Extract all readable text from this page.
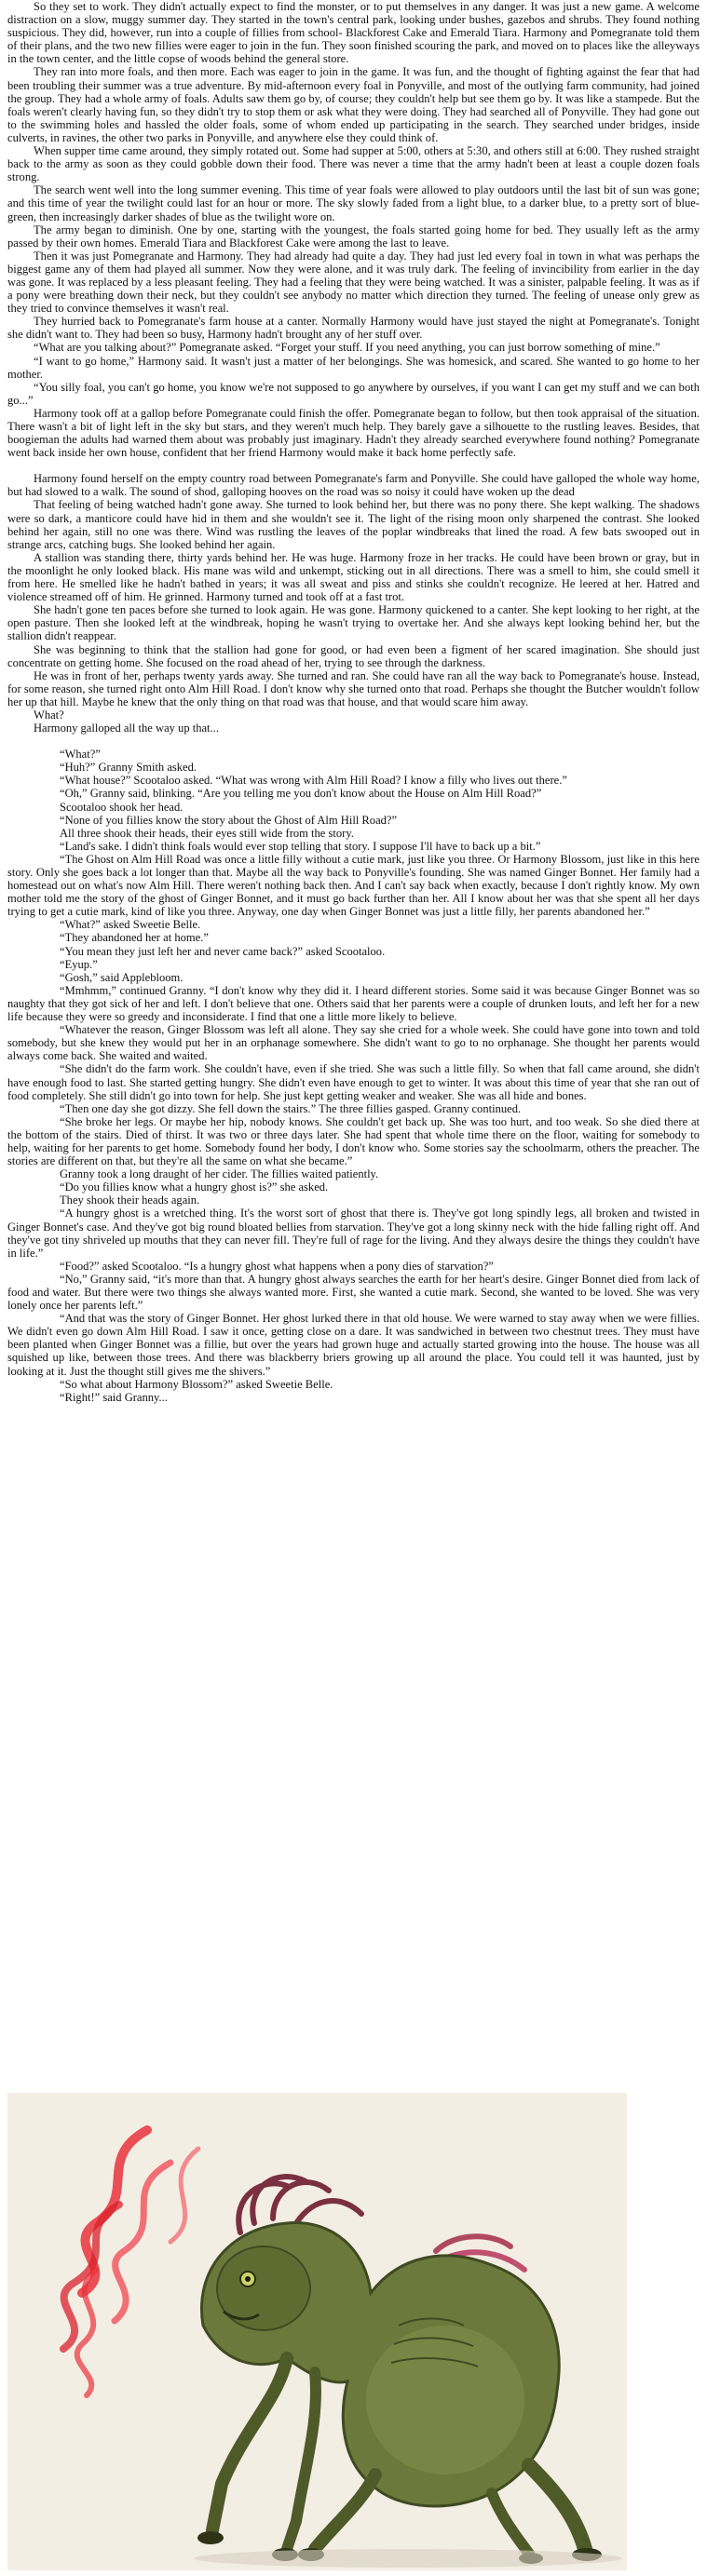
So they set to work. They didn't actually expect to find the monster, or to put themselves in any danger. It was just a new game. A welcome distraction on a slow, muggy summer day. They started in the town's central park, looking under bushes, gazebos and shrubs. They found nothing suspicious. They did, however, run into a couple of fillies from school- Blackforest Cake and Emerald Tiara. Harmony and Pomegranate told them of their plans, and the two new fillies were eager to join in the fun. They soon finished scouring the park, and moved on to places like the alleyways in the town center, and the little copse of woods behind the general store.

They ran into more foals, and then more. Each was eager to join in the game. It was fun, and the thought of fighting against the fear that had been troubling their summer was a true adventure. By mid-afternoon every foal in Ponyville, and most of the outlying farm community, had joined the group. They had a whole army of foals. Adults saw them go by, of course; they couldn't help but see them go by. It was like a stampede. But the foals weren't clearly having fun, so they didn't try to stop them or ask what they were doing. They had searched all of Ponyville. They had gone out to the swimming holes and hassled the older foals, some of whom ended up participating in the search. They searched under bridges, inside culverts, in ravines, the other two parks in Ponyville, and anywhere else they could think of.

When supper time came around, they simply rotated out. Some had supper at 5:00, others at 5:30, and others still at 6:00. They rushed straight back to the army as soon as they could gobble down their food. There was never a time that the army hadn't been at least a couple dozen foals strong.

The search went well into the long summer evening. This time of year foals were allowed to play outdoors until the last bit of sun was gone; and this time of year the twilight could last for an hour or more. The sky slowly faded from a light blue, to a darker blue, to a pretty sort of blue-green, then increasingly darker shades of blue as the twilight wore on.

The army began to diminish. One by one, starting with the youngest, the foals started going home for bed. They usually left as the army passed by their own homes. Emerald Tiara and Blackforest Cake were among the last to leave.

Then it was just Pomegranate and Harmony. They had already had quite a day. They had just led every foal in town in what was perhaps the biggest game any of them had played all summer. Now they were alone, and it was truly dark. The feeling of invincibility from earlier in the day was gone. It was replaced by a less pleasant feeling. They had a feeling that they were being watched. It was a sinister, palpable feeling. It was as if a pony were breathing down their neck, but they couldn't see anybody no matter which direction they turned. The feeling of unease only grew as they tried to convince themselves it wasn't real.

They hurried back to Pomegranate's farm house at a canter. Normally Harmony would have just stayed the night at Pomegranate's. Tonight she didn't want to. They had been so busy, Harmony hadn't brought any of her stuff over.

“What are you talking about?” Pomegranate asked. “Forget your stuff. If you need anything, you can just borrow something of mine.”

“I want to go home,” Harmony said. It wasn't just a matter of her belongings. She was homesick, and scared. She wanted to go home to her mother.

“You silly foal, you can't go home, you know we're not supposed to go anywhere by ourselves, if you want I can get my stuff and we can both go...”

Harmony took off at a gallop before Pomegranate could finish the offer. Pomegranate began to follow, but then took appraisal of the situation. There wasn't a bit of light left in the sky but stars, and they weren't much help. They barely gave a silhouette to the rustling leaves. Besides, that boogieman the adults had warned them about was probably just imaginary. Hadn't they already searched everywhere found nothing? Pomegranate went back inside her own house, confident that her friend Harmony would make it back home perfectly safe.

Harmony found herself on the empty country road between Pomegranate's farm and Ponyville. She could have galloped the whole way home, but had slowed to a walk. The sound of shod, galloping hooves on the road was so noisy it could have woken up the dead

That feeling of being watched hadn't gone away. She turned to look behind her, but there was no pony there. She kept walking. The shadows were so dark, a manticore could have hid in them and she wouldn't see it. The light of the rising moon only sharpened the contrast. She looked behind her again, still no one was there. Wind was rustling the leaves of the poplar windbreaks that lined the road. A few bats swooped out in strange arcs, catching bugs. She looked behind her again.

A stallion was standing there, thirty yards behind her. He was huge. Harmony froze in her tracks. He could have been brown or gray, but in the moonlight he only looked black. His mane was wild and unkempt, sticking out in all directions. There was a smell to him, she could smell it from here. He smelled like he hadn't bathed in years; it was all sweat and piss and stinks she couldn't recognize. He leered at her. Hatred and violence streamed off of him. He grinned. Harmony turned and took off at a fast trot.

She hadn't gone ten paces before she turned to look again. He was gone. Harmony quickened to a canter. She kept looking to her right, at the open pasture. Then she looked left at the windbreak, hoping he wasn't trying to overtake her. And she always kept looking behind her, but the stallion didn't reappear.

She was beginning to think that the stallion had gone for good, or had even been a figment of her scared imagination. She should just concentrate on getting home. She focused on the road ahead of her, trying to see through the darkness.

He was in front of her, perhaps twenty yards away. She turned and ran. She could have ran all the way back to Pomegranate's house. Instead, for some reason, she turned right onto Alm Hill Road. I don't know why she turned onto that road. Perhaps she thought the Butcher wouldn't follow her up that hill. Maybe he knew that the only thing on that road was that house, and that would scare him away.

What?

Harmony galloped all the way up that...

“What?”

“Huh?” Granny Smith asked.

“What house?” Scootaloo asked. “What was wrong with Alm Hill Road? I know a filly who lives out there.”

“Oh,” Granny said, blinking. “Are you telling me you don't know about the House on Alm Hill Road?”

Scootaloo shook her head.

“None of you fillies know the story about the Ghost of Alm Hill Road?”

All three shook their heads, their eyes still wide from the story.

“Land's sake. I didn't think foals would ever stop telling that story. I suppose I'll have to back up a bit.”

“The Ghost on Alm Hill Road was once a little filly without a cutie mark, just like you three. Or Harmony Blossom, just like in this here story. Only she goes back a lot longer than that. Maybe all the way back to Ponyville's founding. She was named Ginger Bonnet. Her family had a homestead out on what's now Alm Hill. There weren't nothing back then. And I can't say back when exactly, because I don't rightly know. My own mother told me the story of the ghost of Ginger Bonnet, and it must go back further than her. All I know about her was that she spent all her days trying to get a cutie mark, kind of like you three. Anyway, one day when Ginger Bonnet was just a little filly, her parents abandoned her.”

“What?” asked Sweetie Belle.

“They abandoned her at home.”

“You mean they just left her and never came back?” asked Scootaloo.

“Eyup.”

“Gosh,” said Applebloom.

“Mmhmm,” continued Granny. “I don't know why they did it. I heard different stories. Some said it was because Ginger Bonnet was so naughty that they got sick of her and left. I don't believe that one. Others said that her parents were a couple of drunken louts, and left her for a new life because they were so greedy and inconsiderate. I find that one a little more likely to believe.

“Whatever the reason, Ginger Blossom was left all alone. They say she cried for a whole week. She could have gone into town and told somebody, but she knew they would put her in an orphanage somewhere. She didn't want to go to no orphanage. She thought her parents would always come back. She waited and waited.

“She didn't do the farm work. She couldn't have, even if she tried. She was such a little filly. So when that fall came around, she didn't have enough food to last. She started getting hungry. She didn't even have enough to get to winter. It was about this time of year that she ran out of food completely. She still didn't go into town for help. She just kept getting weaker and weaker. She was all hide and bones.

“Then one day she got dizzy. She fell down the stairs.” The three fillies gasped. Granny continued.

“She broke her legs. Or maybe her hip, nobody knows. She couldn't get back up. She was too hurt, and too weak. So she died there at the bottom of the stairs. Died of thirst. It was two or three days later. She had spent that whole time there on the floor, waiting for somebody to help, waiting for her parents to get home. Somebody found her body, I don't know who. Some stories say the schoolmarm, others the preacher. The stories are different on that, but they're all the same on what she became.”

Granny took a long draught of her cider. The fillies waited patiently.

“Do you fillies know what a hungry ghost is?” she asked.

They shook their heads again.

“A hungry ghost is a wretched thing. It's the worst sort of ghost that there is. They've got long spindly legs, all broken and twisted in Ginger Bonnet's case. And they've got big round bloated bellies from starvation. They've got a long skinny neck with the hide falling right off. And they've got tiny shriveled up mouths that they can never fill. They're full of rage for the living. And they always desire the things they couldn't have in life.”

“Food?” asked Scootaloo. “Is a hungry ghost what happens when a pony dies of starvation?”

“No,” Granny said, “it's more than that. A hungry ghost always searches the earth for her heart's desire. Ginger Bonnet died from lack of food and water. But there were two things she always wanted more. First, she wanted a cutie mark. Second, she wanted to be loved. She was very lonely once her parents left.”

“And that was the story of Ginger Bonnet. Her ghost lurked there in that old house. We were warned to stay away when we were fillies. We didn't even go down Alm Hill Road. I saw it once, getting close on a dare. It was sandwiched in between two chestnut trees. They must have been planted when Ginger Bonnet was a fillie, but over the years had grown huge and actually started growing into the house. The house was all squished up like, between those trees. And there was blackberry briers growing up all around the place. You could tell it was haunted, just by looking at it. Just the thought still gives me the shivers.”

“So what about Harmony Blossom?” asked Sweetie Belle.

“Right!” said Granny...
